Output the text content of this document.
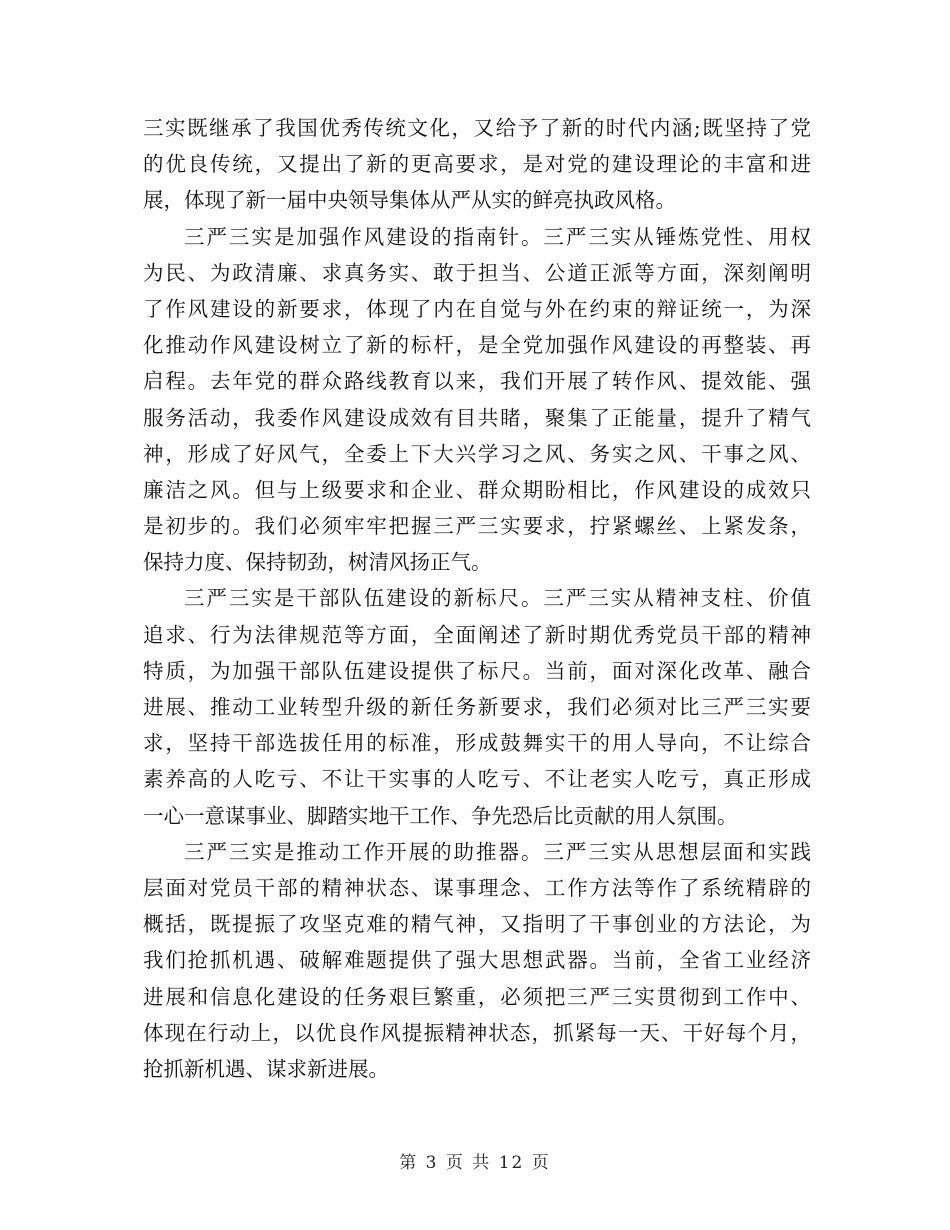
三实既继承了我国优秀传统文化，又给予了新的时代内涵;既坚持了党
的优良传统，又提出了新的更高要求，是对党的建设理论的丰富和进
展，体现了新一届中央领导集体从严从实的鲜亮执政风格。
三严三实是加强作风建设的指南针。三严三实从锤炼党性、用权
为民、为政清廉、求真务实、敢于担当、公道正派等方面，深刻阐明
了作风建设的新要求，体现了内在自觉与外在约束的辩证统一，为深
化推动作风建设树立了新的标杆，是全党加强作风建设的再整装、再
启程。去年党的群众路线教育以来，我们开展了转作风、提效能、强
服务活动，我委作风建设成效有目共睹，聚集了正能量，提升了精气
神，形成了好风气，全委上下大兴学习之风、务实之风、干事之风、
廉洁之风。但与上级要求和企业、群众期盼相比，作风建设的成效只
是初步的。我们必须牢牢把握三严三实要求，拧紧螺丝、上紧发条，
保持力度、保持韧劲，树清风扬正气。
三严三实是干部队伍建设的新标尺。三严三实从精神支柱、价值
追求、行为法律规范等方面，全面阐述了新时期优秀党员干部的精神
特质，为加强干部队伍建设提供了标尺。当前，面对深化改革、融合
进展、推动工业转型升级的新任务新要求，我们必须对比三严三实要
求，坚持干部选拔任用的标准，形成鼓舞实干的用人导向，不让综合
素养高的人吃亏、不让干实事的人吃亏、不让老实人吃亏，真正形成
一心一意谋事业、脚踏实地干工作、争先恐后比贡献的用人氛围。
三严三实是推动工作开展的助推器。三严三实从思想层面和实践
层面对党员干部的精神状态、谋事理念、工作方法等作了系统精辟的
概括，既提振了攻坚克难的精气神，又指明了干事创业的方法论，为
我们抢抓机遇、破解难题提供了强大思想武器。当前，全省工业经济
进展和信息化建设的任务艰巨繁重，必须把三严三实贯彻到工作中、
体现在行动上，以优良作风提振精神状态，抓紧每一天、干好每个月，
抢抓新机遇、谋求新进展。
第 3 页 共 12 页
